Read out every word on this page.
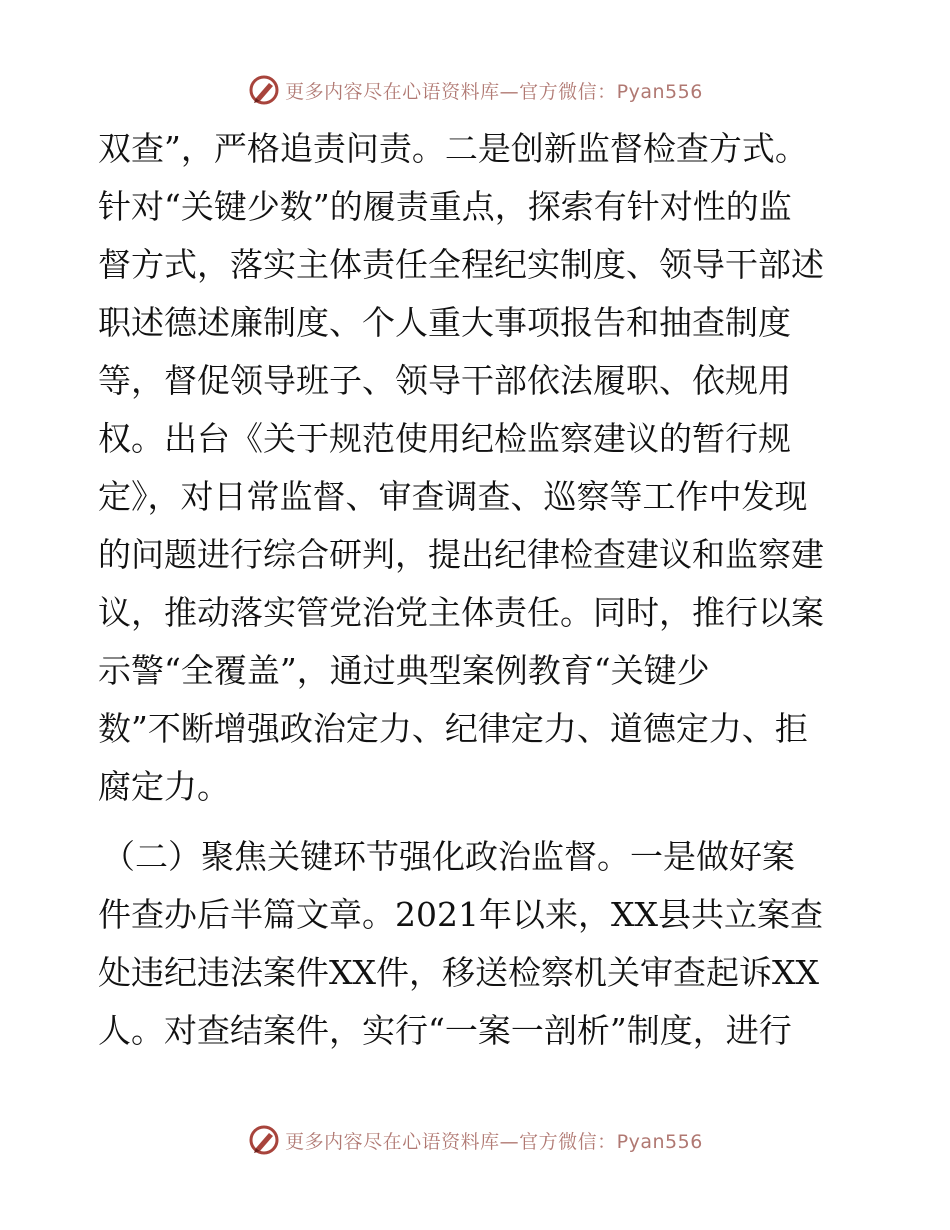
更多内容尽在心语资料库—官方微信：Pyan556
双查”，严格追责问责。二是创新监督检查方式。
针对“关键少数”的履责重点，探索有针对性的监
督方式，落实主体责任全程纪实制度、领导干部述
职述德述廉制度、个人重大事项报告和抽查制度
等，督促领导班子、领导干部依法履职、依规用
权。出台《关于规范使用纪检监察建议的暂行规
定》，对日常监督、审查调查、巡察等工作中发现
的问题进行综合研判，提出纪律检查建议和监察建
议，推动落实管党治党主体责任。同时，推行以案
示警“全覆盖”，通过典型案例教育“关键少
数”不断增强政治定力、纪律定力、道德定力、拒
腐定力。
（二）聚焦关键环节强化政治监督。一是做好案
件查办后半篇文章。2021年以来，XX县共立案查
处违纪违法案件XX件，移送检察机关审查起诉XX
人。对查结案件，实行“一案一剖析”制度，进行
更多内容尽在心语资料库—官方微信：Pyan556
